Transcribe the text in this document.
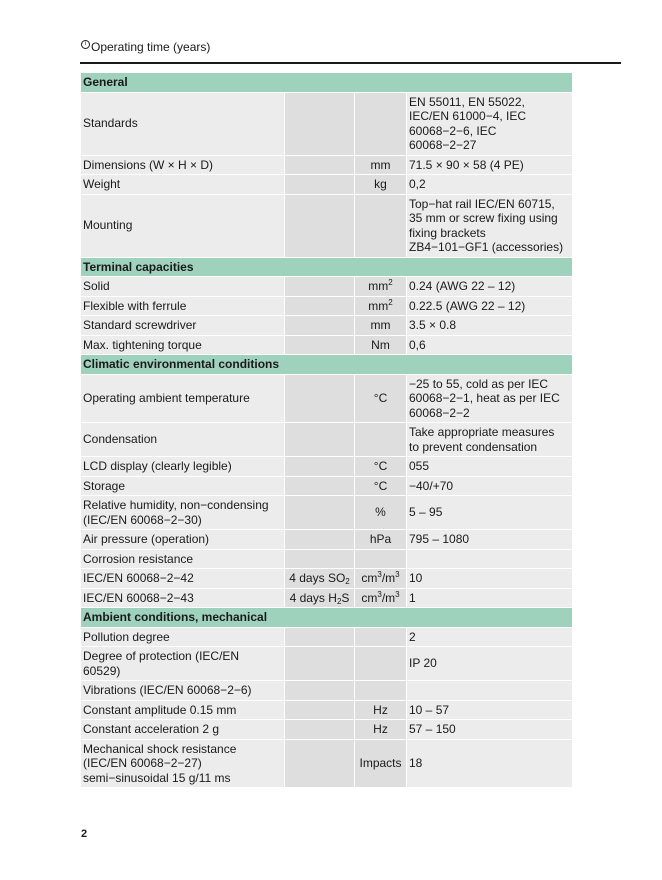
i Operating time (years)
General			
Standards			EN 55011, EN 55022,
IEC/EN 61000−4, IEC
60068−2−6, IEC
60068−2−27
Dimensions (W × H × D)		mm	71.5 × 90 × 58 (4 PE)
Weight		kg	0,2
Mounting			Top−hat rail IEC/EN 60715,
35 mm or screw fixing using
fixing brackets
ZB4−101−GF1 (accessories)
Terminal capacities			
Solid		$mm^2$	0.24 (AWG 22 – 12)
Flexible with ferrule		$mm^2$	0.22.5 (AWG 22 – 12)
Standard screwdriver		mm	3.5 × 0.8
Max. tightening torque		Nm	0,6
Climatic environmental conditions			
Operating ambient temperature		°C	−25 to 55, cold as per IEC
60068−2−1, heat as per IEC
60068−2−2
Condensation			Take appropriate measures
to prevent condensation
LCD display (clearly legible)		°C	055
Storage		°C	−40/+70
Relative humidity, non−condensing
(IEC/EN 60068−2−30)		%	5 – 95
Air pressure (operation)		hPa	795 – 1080
Corrosion resistance			
IEC/EN 60068−2−42	4 days $SO_2$	$cm^3/m^3$	10
IEC/EN 60068−2−43	4 days $H_2S$	$cm^3/m^3$	1
Ambient conditions, mechanical			
Pollution degree			2
Degree of protection (IEC/EN
60529)			IP 20
Vibrations (IEC/EN 60068−2−6)			
Constant amplitude 0.15 mm		Hz	10 – 57
Constant acceleration 2 g		Hz	57 – 150
Mechanical shock resistance
(IEC/EN 60068−2−27)
semi−sinusoidal 15 g/11 ms		Impacts	18
2
